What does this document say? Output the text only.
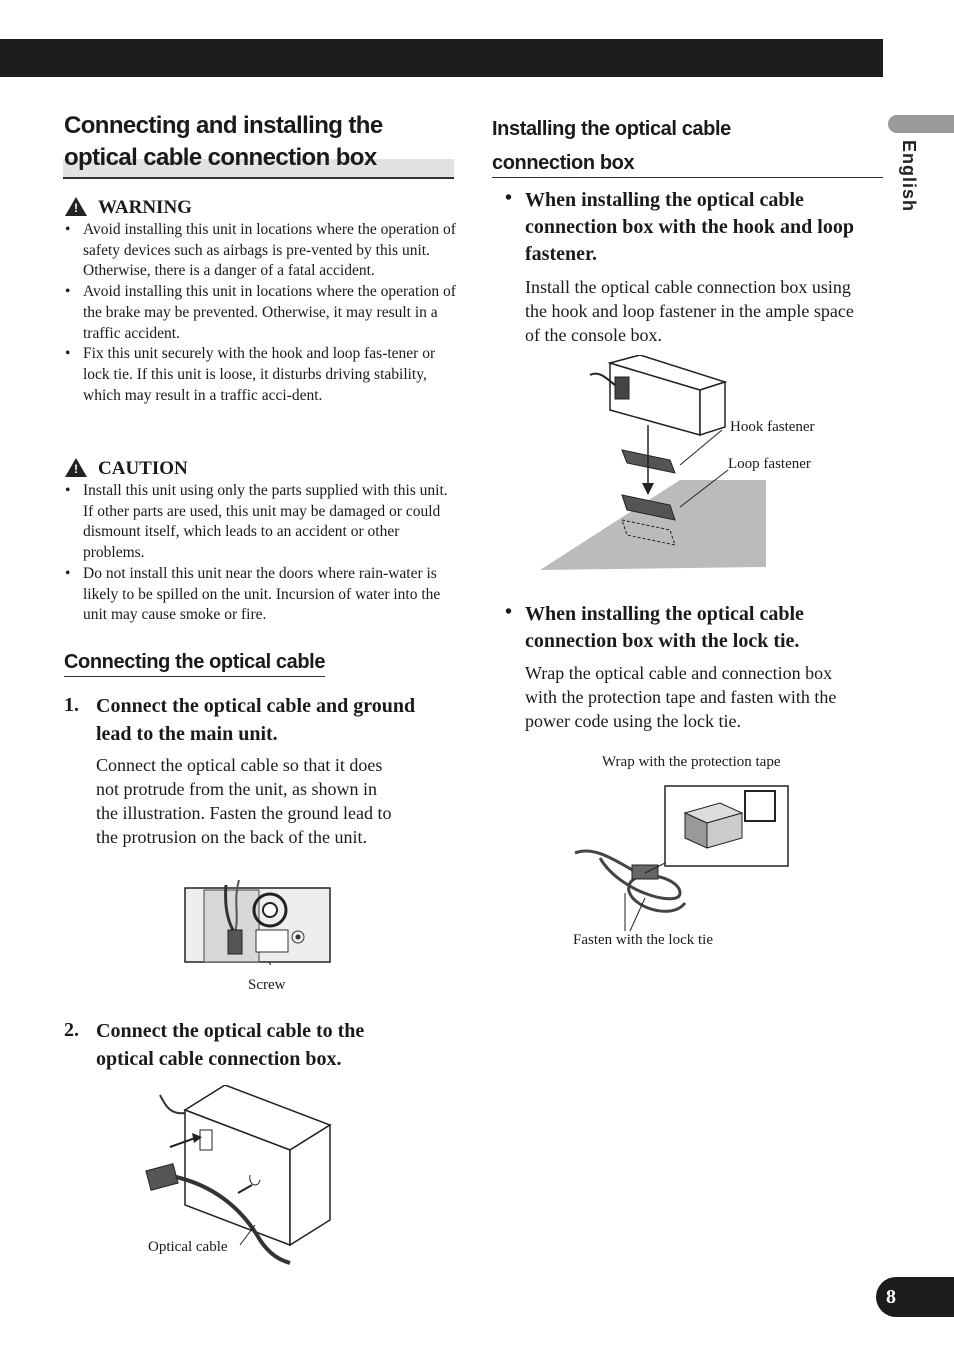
English
8
Connecting and installing the optical cable connection box
! WARNING
• Avoid installing this unit in locations where the operation of safety devices such as airbags is pre-vented by this unit. Otherwise, there is a danger of a fatal accident.
• Avoid installing this unit in locations where the operation of the brake may be prevented. Otherwise, it may result in a traffic accident.
• Fix this unit securely with the hook and loop fas-tener or lock tie. If this unit is loose, it disturbs driving stability, which may result in a traffic acci-dent.
! CAUTION
• Install this unit using only the parts supplied with this unit. If other parts are used, this unit may be damaged or could dismount itself, which leads to an accident or other problems.
• Do not install this unit near the doors where rain-water is likely to be spilled on the unit. Incursion of water into the unit may cause smoke or fire.
Connecting the optical cable
1. Connect the optical cable and ground lead to the main unit.

Connect the optical cable so that it does not protrude from the unit, as shown in the illustration. Fasten the ground lead to the protrusion on the back of the unit.

Screw
2. Connect the optical cable to the optical cable connection box.
Optical cable
Installing the optical cable connection box
• When installing the optical cable connection box with the hook and loop fastener.

Install the optical cable connection box using the hook and loop fastener in the ample space of the console box.

Hook fastener
Loop fastener
• When installing the optical cable connection box with the lock tie.

Wrap the optical cable and connection box with the protection tape and fasten with the power code using the lock tie.

Wrap with the protection tape
Fasten with the lock tie
